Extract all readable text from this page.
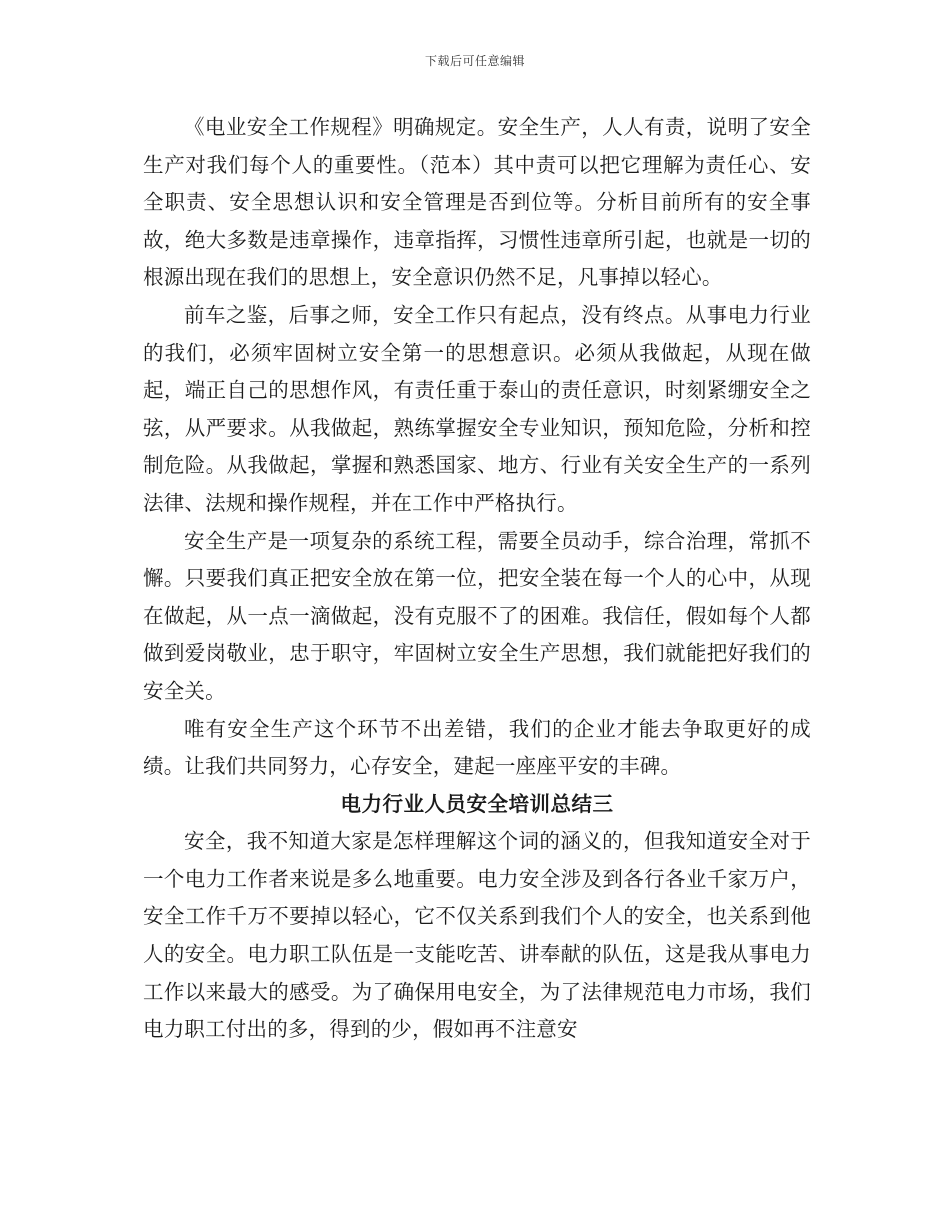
下载后可任意编辑

《电业安全工作规程》明确规定。安全生产，人人有责，说明了安全生产对我们每个人的重要性。（范本）其中责可以把它理解为责任心、安全职责、安全思想认识和安全管理是否到位等。分析目前所有的安全事故，绝大多数是违章操作，违章指挥，习惯性违章所引起，也就是一切的根源出现在我们的思想上，安全意识仍然不足，凡事掉以轻心。

前车之鉴，后事之师，安全工作只有起点，没有终点。从事电力行业的我们，必须牢固树立安全第一的思想意识。必须从我做起，从现在做起，端正自己的思想作风，有责任重于泰山的责任意识，时刻紧绷安全之弦，从严要求。从我做起，熟练掌握安全专业知识，预知危险，分析和控制危险。从我做起，掌握和熟悉国家、地方、行业有关安全生产的一系列法律、法规和操作规程，并在工作中严格执行。

安全生产是一项复杂的系统工程，需要全员动手，综合治理，常抓不懈。只要我们真正把安全放在第一位，把安全装在每一个人的心中，从现在做起，从一点一滴做起，没有克服不了的困难。我信任，假如每个人都做到爱岗敬业，忠于职守，牢固树立安全生产思想，我们就能把好我们的安全关。

唯有安全生产这个环节不出差错，我们的企业才能去争取更好的成绩。让我们共同努力，心存安全，建起一座座平安的丰碑。

电力行业人员安全培训总结三

安全，我不知道大家是怎样理解这个词的涵义的，但我知道安全对于一个电力工作者来说是多么地重要。电力安全涉及到各行各业千家万户，安全工作千万不要掉以轻心，它不仅关系到我们个人的安全，也关系到他人的安全。电力职工队伍是一支能吃苦、讲奉献的队伍，这是我从事电力工作以来最大的感受。为了确保用电安全，为了法律规范电力市场，我们电力职工付出的多，得到的少，假如再不注意安
